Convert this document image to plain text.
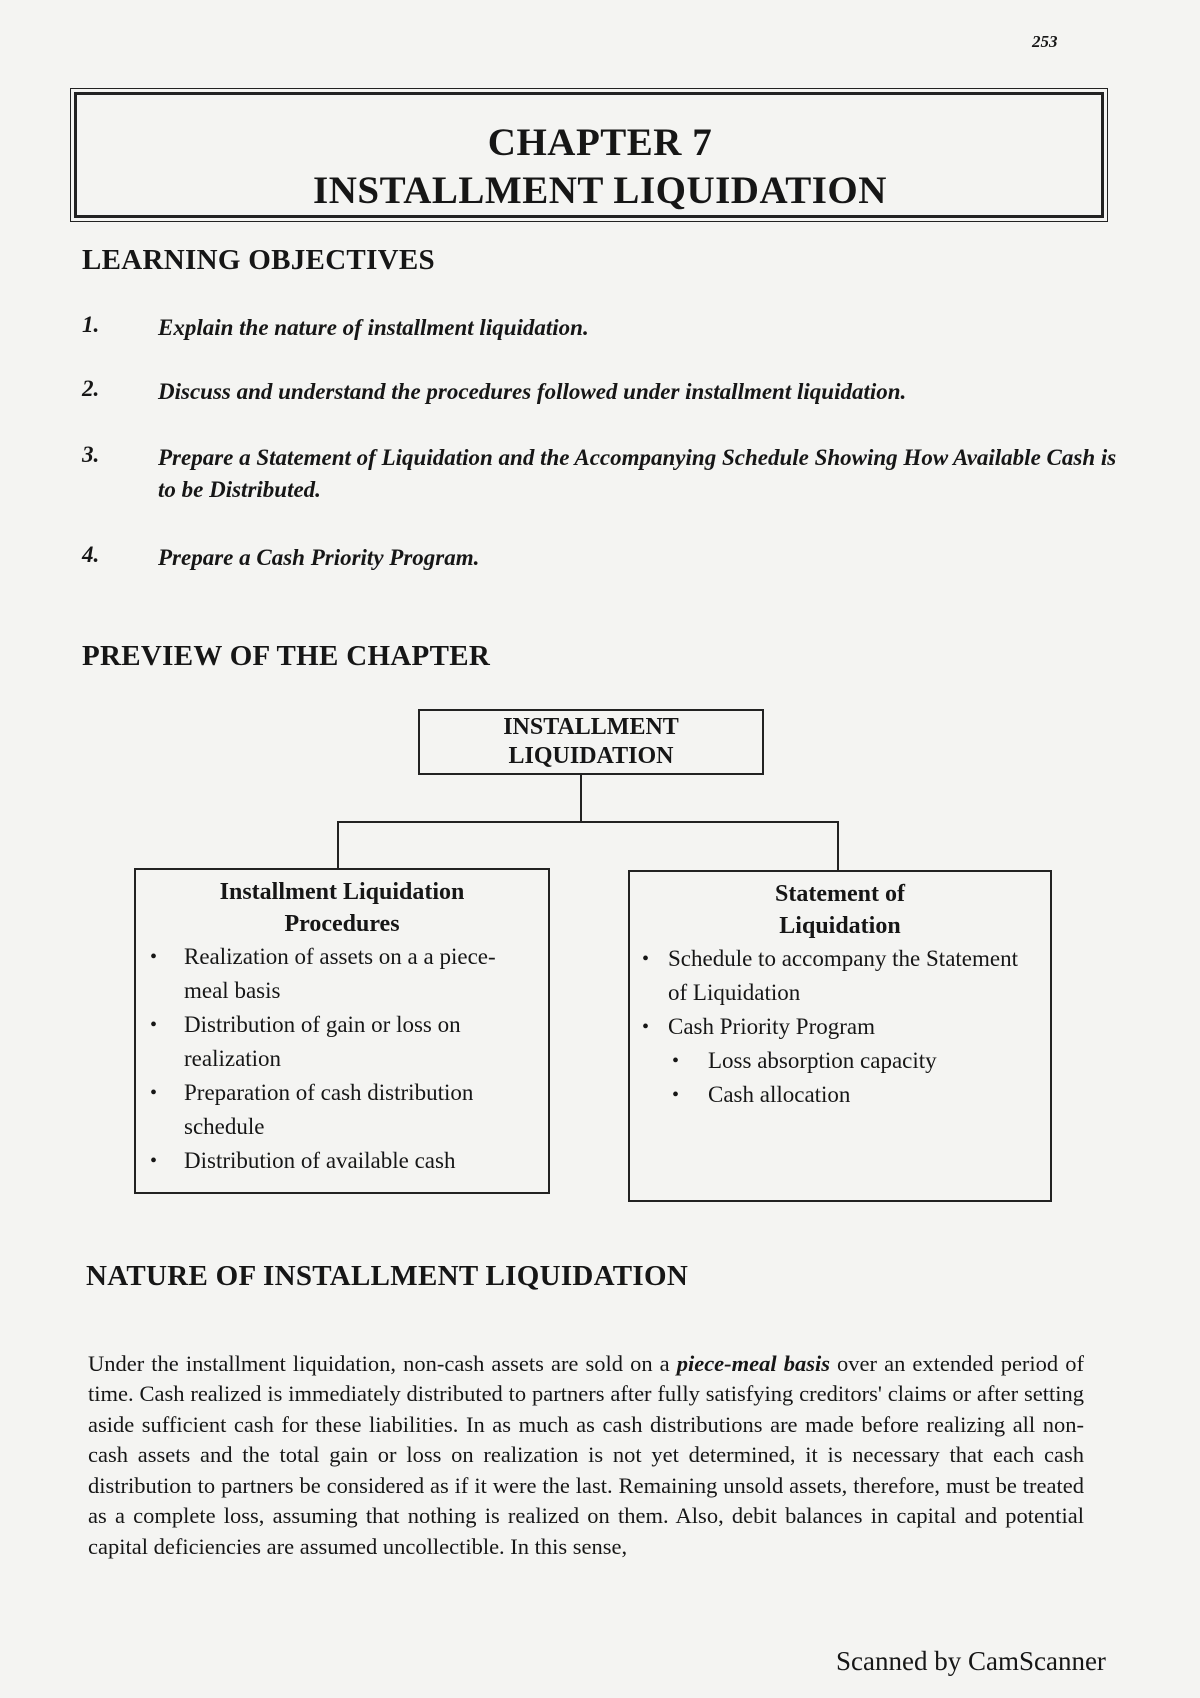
253
CHAPTER 7
INSTALLMENT LIQUIDATION
LEARNING OBJECTIVES
1.	Explain the nature of installment liquidation.
2.	Discuss and understand the procedures followed under installment liquidation.
3.	Prepare a Statement of Liquidation and the Accompanying Schedule Showing How Available Cash is to be Distributed.
4.	Prepare a Cash Priority Program.
PREVIEW OF THE CHAPTER
INSTALLMENT
LIQUIDATION
Installment Liquidation
Procedures
• Realization of assets on a a piece-meal basis
• Distribution of gain or loss on realization
• Preparation of cash distribution schedule
• Distribution of available cash
Statement of
Liquidation
• Schedule to accompany the Statement of Liquidation
• Cash Priority Program
• Loss absorption capacity
• Cash allocation
NATURE OF INSTALLMENT LIQUIDATION

Under the installment liquidation, non-cash assets are sold on a piece-meal basis over an extended period of time. Cash realized is immediately distributed to partners after fully satisfying creditors' claims or after setting aside sufficient cash for these liabilities. In as much as cash distributions are made before realizing all non-cash assets and the total gain or loss on realization is not yet determined, it is necessary that each cash distribution to partners be considered as if it were the last. Remaining unsold assets, therefore, must be treated as a complete loss, assuming that nothing is realized on them. Also, debit balances in capital and potential capital deficiencies are assumed uncollectible. In this sense,

Scanned by CamScanner
